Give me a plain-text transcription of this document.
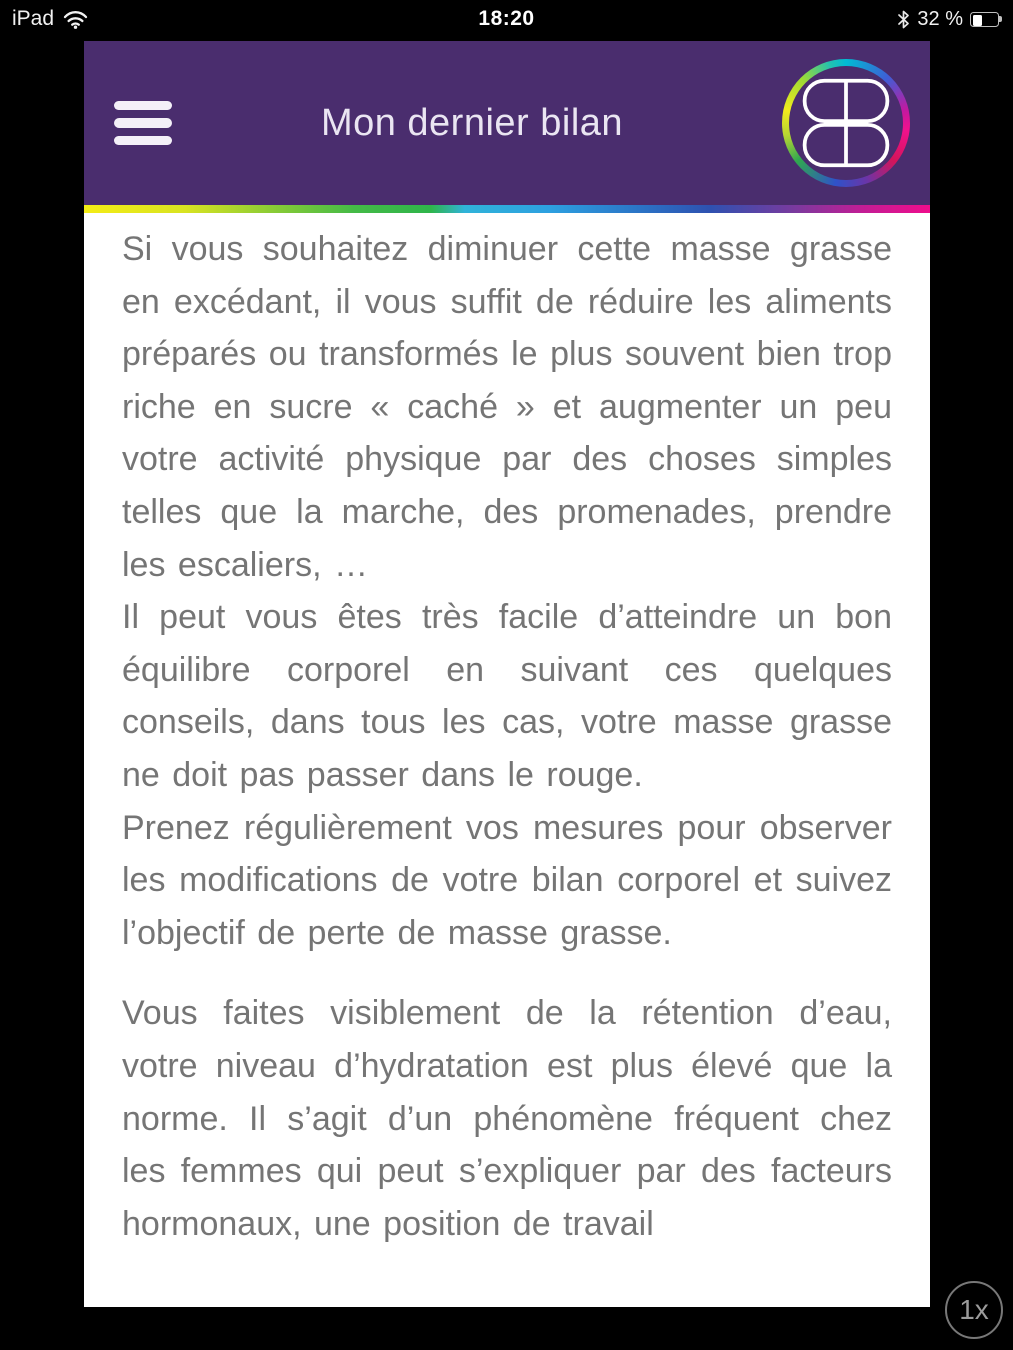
iPad	18:20	32 %
Mon dernier bilan

Si vous souhaitez diminuer cette masse grasse en excédant, il vous suffit de réduire les aliments préparés ou transformés le plus souvent bien trop riche en sucre « caché » et augmenter un peu votre activité physique par des choses simples telles que la marche, des promenades, prendre les escaliers, …

Il peut vous êtes très facile d’atteindre un bon équilibre corporel en suivant ces quelques conseils, dans tous les cas, votre masse grasse ne doit pas passer dans le rouge.

Prenez régulièrement vos mesures pour observer les modifications de votre bilan corporel et suivez l’objectif de perte de masse grasse.

Vous faites visiblement de la rétention d’eau, votre niveau d’hydratation est plus élevé que la norme. Il s’agit d’un phénomène fréquent chez les femmes qui peut s’expliquer par des facteurs hormonaux, une position de travail

1x
